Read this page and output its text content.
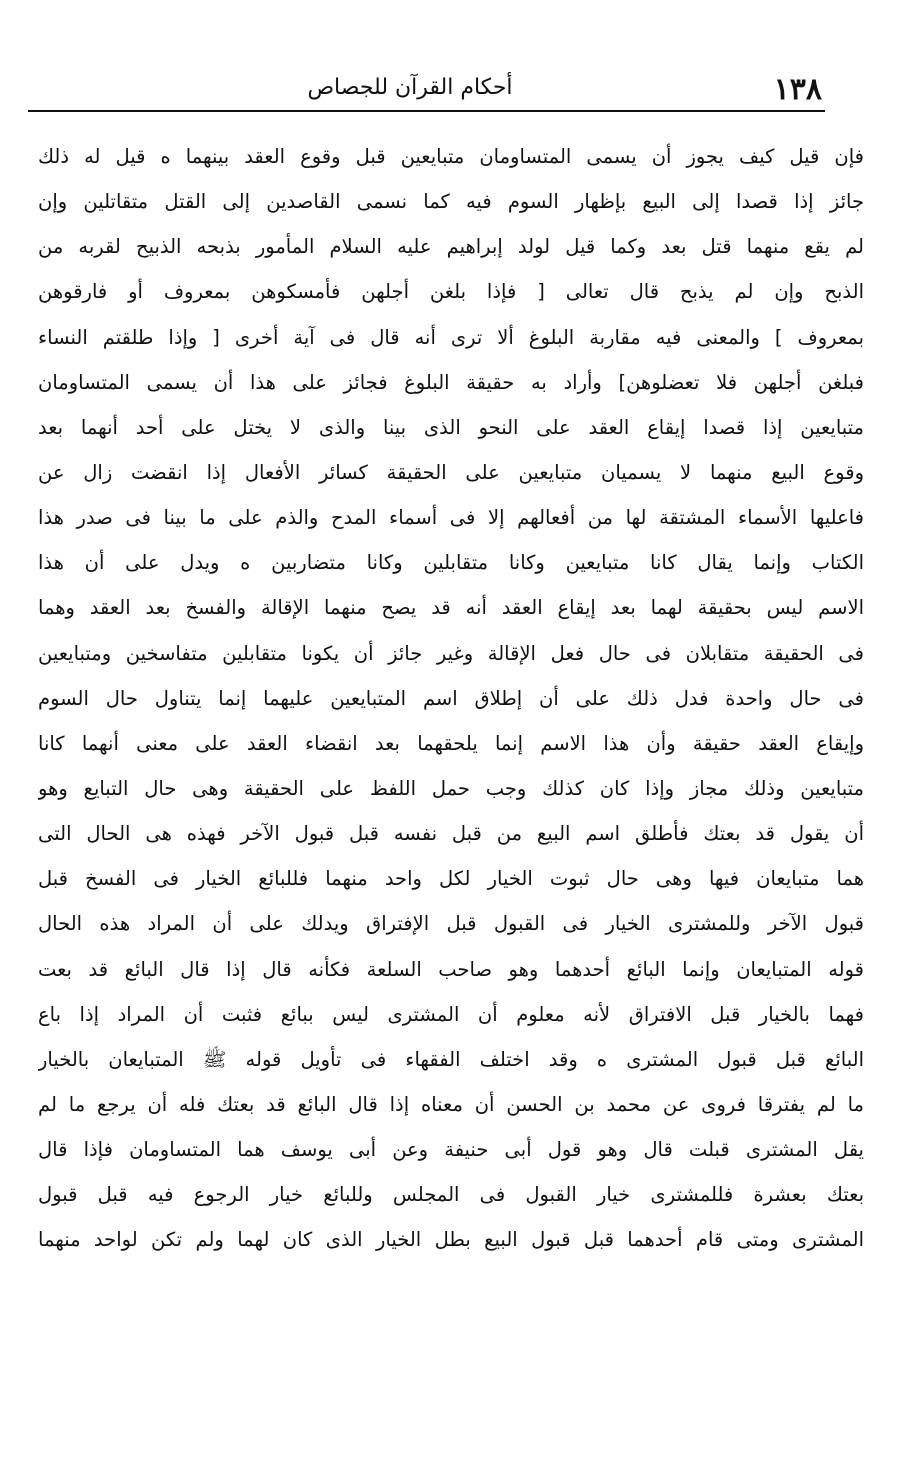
١٣٨
أحكام القرآن للجصاص
فإن قيل كيف يجوز أن يسمى المتساومان متبايعين قبل وقوع العقد بينهما ه قيل له ذلك
جائز إذا قصدا إلى البيع بإظهار السوم فيه كما نسمى القاصدين إلى القتل متقاتلين وإن
لم يقع منهما قتل بعد وكما قيل لولد إبراهيم عليه السلام المأمور بذبحه الذبيح لقربه من
الذبح وإن لم يذبح قال تعالى [ فإذا بلغن أجلهن فأمسكوهن بمعروف أو فارقوهن
بمعروف ] والمعنى فيه مقاربة البلوغ ألا ترى أنه قال فى آية أخرى [ وإذا طلقتم النساء
فبلغن أجلهن فلا تعضلوهن] وأراد به حقيقة البلوغ فجائز على هذا أن يسمى المتساومان
متبايعين إذا قصدا إيقاع العقد على النحو الذى بينا والذى لا يختل على أحد أنهما بعد
وقوع البيع منهما لا يسميان متبايعين على الحقيقة كسائر الأفعال إذا انقضت زال عن
فاعليها الأسماء المشتقة لها من أفعالهم إلا فى أسماء المدح والذم على ما بينا فى صدر هذا
الكتاب وإنما يقال كانا متبايعين وكانا متقابلين وكانا متضاربين ه ويدل على أن هذا
الاسم ليس بحقيقة لهما بعد إيقاع العقد أنه قد يصح منهما الإقالة والفسخ بعد العقد وهما
فى الحقيقة متقابلان فى حال فعل الإقالة وغير جائز أن يكونا متقابلين متفاسخين ومتبايعين
فى حال واحدة فدل ذلك على أن إطلاق اسم المتبايعين عليهما إنما يتناول حال السوم
وإيقاع العقد حقيقة وأن هذا الاسم إنما يلحقهما بعد انقضاء العقد على معنى أنهما كانا
متبايعين وذلك مجاز وإذا كان كذلك وجب حمل اللفظ على الحقيقة وهى حال التبايع وهو
أن يقول قد بعتك فأطلق اسم البيع من قبل نفسه قبل قبول الآخر فهذه هى الحال التى
هما متبايعان فيها وهى حال ثبوت الخيار لكل واحد منهما فللبائع الخيار فى الفسخ قبل
قبول الآخر وللمشترى الخيار فى القبول قبل الإفتراق ويدلك على أن المراد هذه الحال
قوله المتبايعان وإنما البائع أحدهما وهو صاحب السلعة فكأنه قال إذا قال البائع قد بعت
فهما بالخيار قبل الافتراق لأنه معلوم أن المشترى ليس ببائع فثبت أن المراد إذا باع
البائع قبل قبول المشترى ه وقد اختلف الفقهاء فى تأويل قوله ﷺ المتبايعان بالخيار
ما لم يفترقا فروى عن محمد بن الحسن أن معناه إذا قال البائع قد بعتك فله أن يرجع ما لم
يقل المشترى قبلت قال وهو قول أبى حنيفة وعن أبى يوسف هما المتساومان فإذا قال
بعتك بعشرة فللمشترى خيار القبول فى المجلس وللبائع خيار الرجوع فيه قبل قبول
المشترى ومتى قام أحدهما قبل قبول البيع بطل الخيار الذى كان لهما ولم تكن لواحد منهما
